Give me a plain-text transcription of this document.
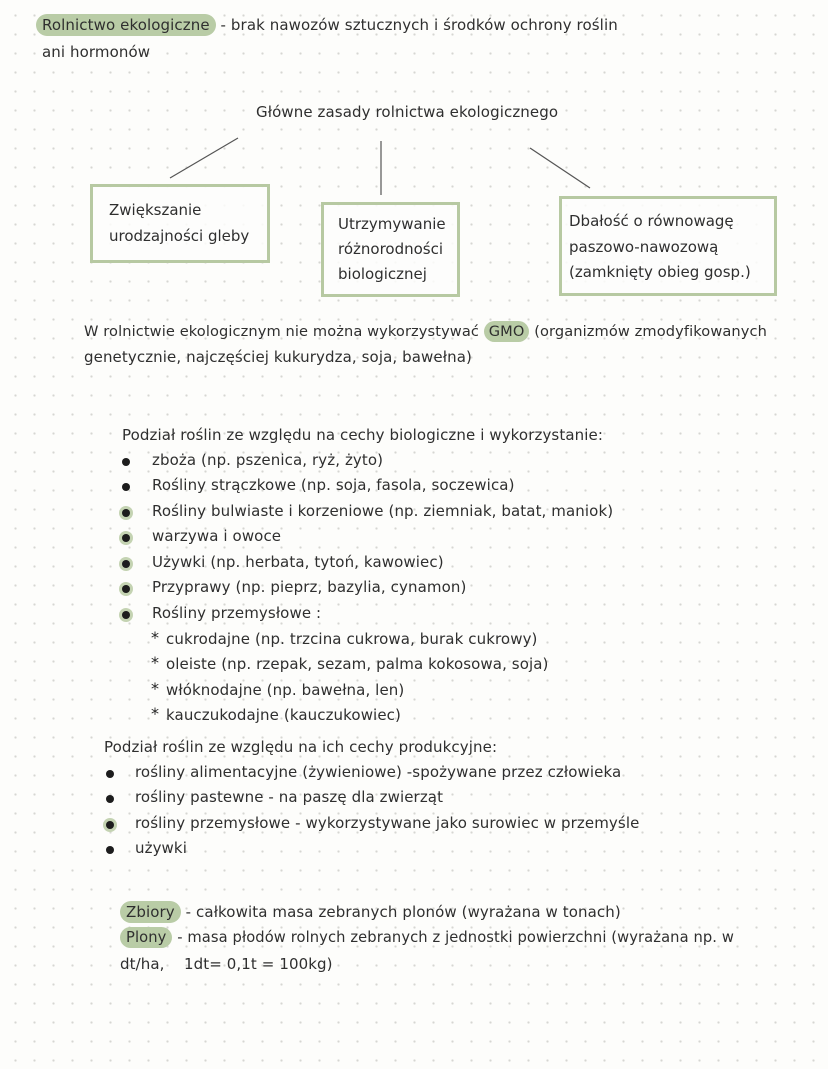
Rolnictwo ekologiczne - brak nawozów sztucznych i środków ochrony roślin
ani hormonów
Główne zasady rolnictwa ekologicznego
Zwiększanie
urodzajności gleby
Utrzymywanie
różnorodności
biologicznej
Dbałość o równowagę
paszowo-nawozową
(zamknięty obieg gosp.)
W rolnictwie ekologicznym nie można wykorzystywać GMO (organizmów zmodyfikowanych
genetycznie, najczęściej kukurydza, soja, bawełna)
Podział roślin ze względu na cechy biologiczne i wykorzystanie:
zboża (np. pszenica, ryż, żyto)
Rośliny strączkowe (np. soja, fasola, soczewica)
Rośliny bulwiaste i korzeniowe (np. ziemniak, batat, maniok)
warzywa i owoce
Używki (np. herbata, tytoń, kawowiec)
Przyprawy (np. pieprz, bazylia, cynamon)
Rośliny przemysłowe :
* cukrodajne (np. trzcina cukrowa, burak cukrowy)
* oleiste (np. rzepak, sezam, palma kokosowa, soja)
* włóknodajne (np. bawełna, len)
* kauczukodajne (kauczukowiec)
Podział roślin ze względu na ich cechy produkcyjne:
rośliny alimentacyjne (żywieniowe) -spożywane przez człowieka
rośliny pastewne - na paszę dla zwierząt
rośliny przemysłowe - wykorzystywane jako surowiec w przemyśle
używki
Zbiory - całkowita masa zebranych plonów (wyrażana w tonach)
Plony - masa płodów rolnych zebranych z jednostki powierzchni (wyrażana np. w
dt/ha,    1dt= 0,1t = 100kg)
